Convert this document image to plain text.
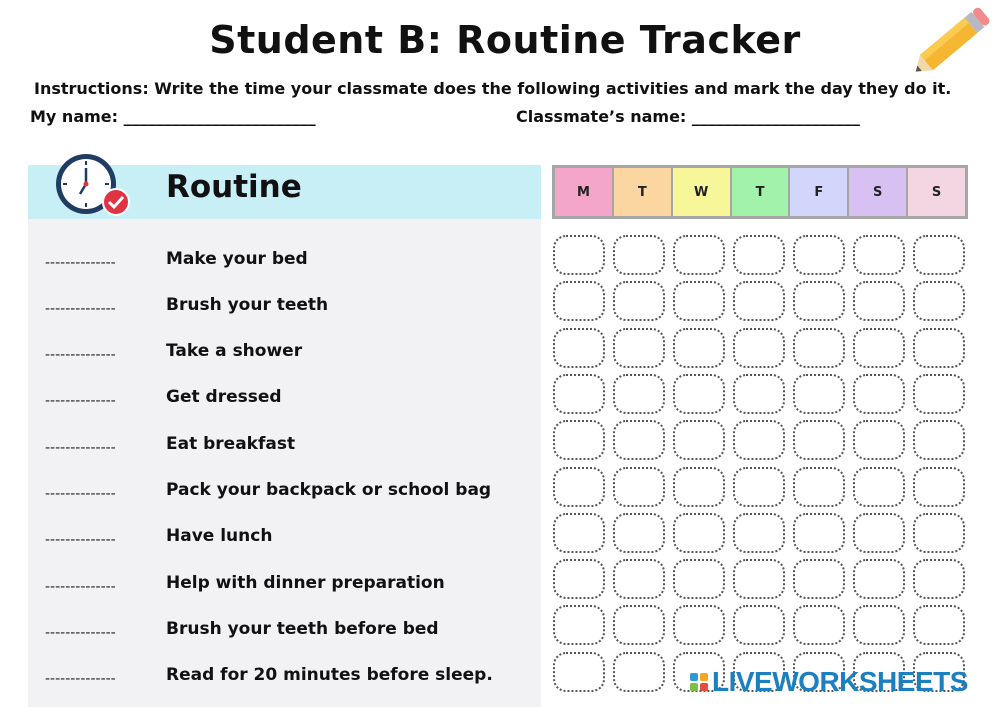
Student B: Routine Tracker
Instructions: Write the time your classmate does the following activities and mark the day they do it.
My name: ________________________	Classmate’s name: _____________________
Routine
--------------	Make your bed
--------------	Brush your teeth
--------------	Take a shower
--------------	Get dressed
--------------	Eat breakfast
--------------	Pack your backpack or school bag
--------------	Have lunch
--------------	Help with dinner preparation
--------------	Brush your teeth before bed
--------------	Read for 20 minutes before sleep.
M	T	W	T	F	S	S
LIVEWORKSHEETS
